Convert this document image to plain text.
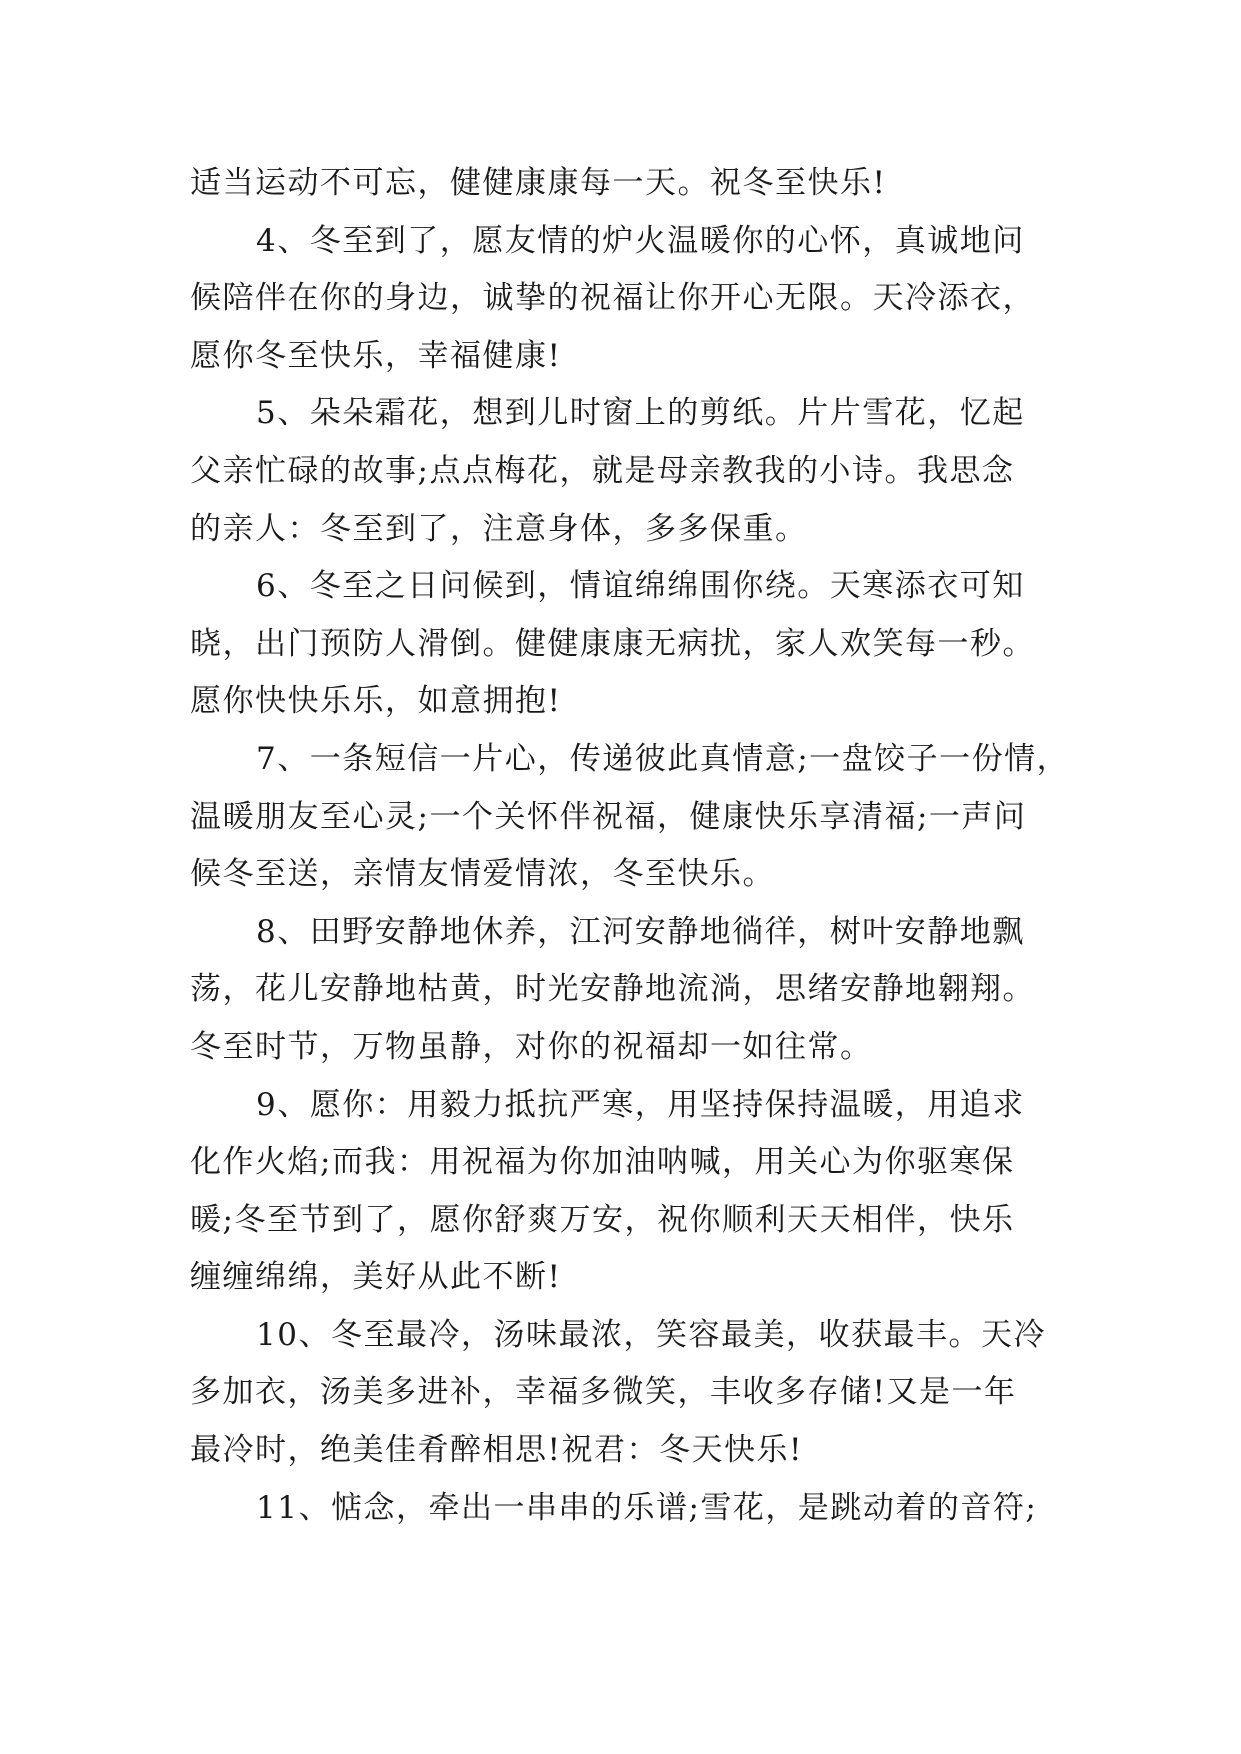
适当运动不可忘，健健康康每一天。祝冬至快乐!
4、冬至到了，愿友情的炉火温暖你的心怀，真诚地问
候陪伴在你的身边，诚挚的祝福让你开心无限。天冷添衣，
愿你冬至快乐，幸福健康!
5、朵朵霜花，想到儿时窗上的剪纸。片片雪花，忆起
父亲忙碌的故事;点点梅花，就是母亲教我的小诗。我思念
的亲人：冬至到了，注意身体，多多保重。
6、冬至之日问候到，情谊绵绵围你绕。天寒添衣可知
晓，出门预防人滑倒。健健康康无病扰，家人欢笑每一秒。
愿你快快乐乐，如意拥抱!
7、一条短信一片心，传递彼此真情意;一盘饺子一份情，
温暖朋友至心灵;一个关怀伴祝福，健康快乐享清福;一声问
候冬至送，亲情友情爱情浓，冬至快乐。
8、田野安静地休养，江河安静地徜徉，树叶安静地飘
荡，花儿安静地枯黄，时光安静地流淌，思绪安静地翱翔。
冬至时节，万物虽静，对你的祝福却一如往常。
9、愿你：用毅力抵抗严寒，用坚持保持温暖，用追求
化作火焰;而我：用祝福为你加油呐喊，用关心为你驱寒保
暖;冬至节到了，愿你舒爽万安，祝你顺利天天相伴，快乐
缠缠绵绵，美好从此不断!
10、冬至最冷，汤味最浓，笑容最美，收获最丰。天冷
多加衣，汤美多进补，幸福多微笑，丰收多存储!又是一年
最冷时，绝美佳肴醉相思!祝君：冬天快乐!
11、惦念，牵出一串串的乐谱;雪花，是跳动着的音符;
